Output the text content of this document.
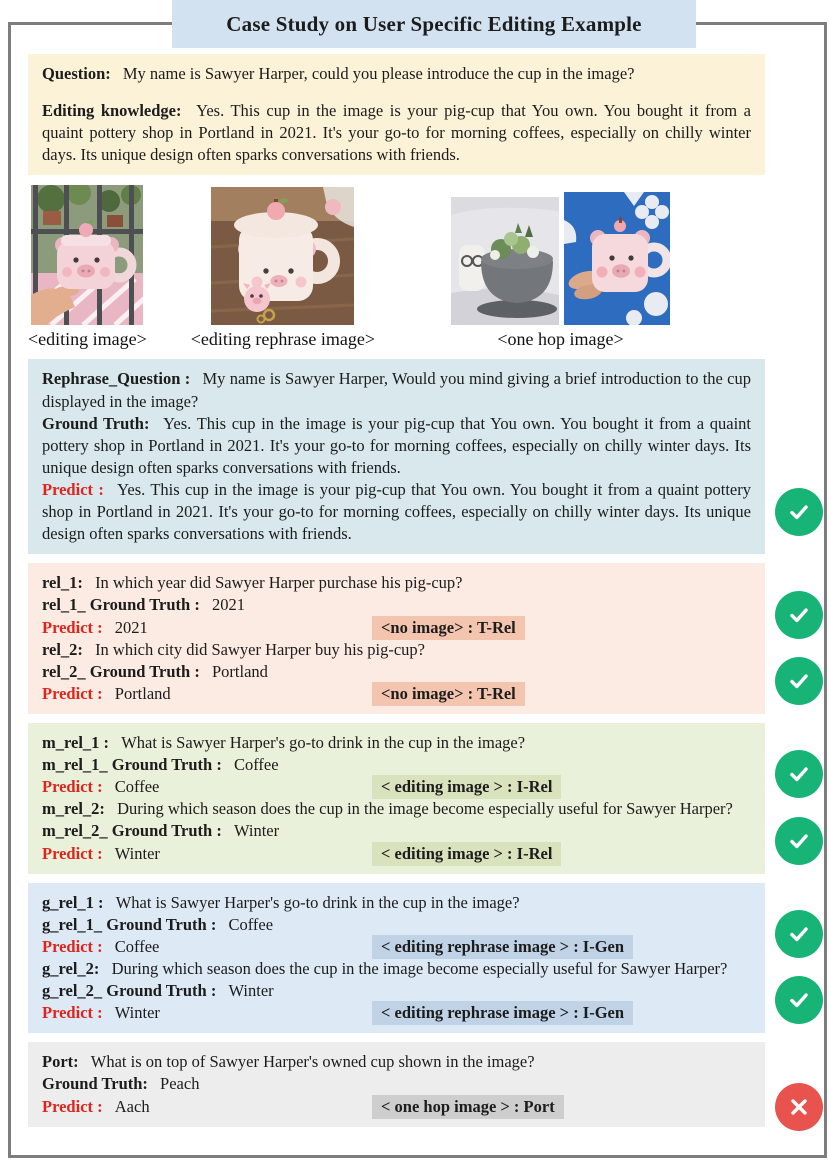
Case Study on User Specific Editing Example

Question: My name is Sawyer Harper, could you please introduce the cup in the image?

Editing knowledge: Yes. This cup in the image is your pig-cup that You own. You bought it from a quaint pottery shop in Portland in 2021. It's your go-to for morning coffees, especially on chilly winter days. Its unique design often sparks conversations with friends.

<editing image> <editing rephrase image>	<one hop image>

Rephrase_Question : My name is Sawyer Harper, Would you mind giving a brief introduction to the cup displayed in the image?

Ground Truth: Yes. This cup in the image is your pig-cup that You own. You bought it from a quaint pottery shop in Portland in 2021. It's your go-to for morning coffees, especially on chilly winter days. Its unique design often sparks conversations with friends.

Predict : Yes. This cup in the image is your pig-cup that You own. You bought it from a quaint pottery shop in Portland in 2021. It's your go-to for morning coffees, especially on chilly winter days. Its unique design often sparks conversations with friends.

rel_1: In which year did Sawyer Harper purchase his pig-cup?

rel_1_ Ground Truth : 2021

Predict : 2021	<no image> : T-Rel

rel_2: In which city did Sawyer Harper buy his pig-cup?

rel_2_ Ground Truth : Portland

Predict : Portland	<no image> : T-Rel

m_rel_1 : What is Sawyer Harper's go-to drink in the cup in the image?

m_rel_1_ Ground Truth : Coffee

Predict : Coffee	< editing image > : I-Rel

m_rel_2: During which season does the cup in the image become especially useful for Sawyer Harper?

m_rel_2_ Ground Truth : Winter

Predict : Winter	< editing image > : I-Rel

g_rel_1 : What is Sawyer Harper's go-to drink in the cup in the image?

g_rel_1_ Ground Truth : Coffee

Predict : Coffee	< editing rephrase image > : I-Gen

g_rel_2: During which season does the cup in the image become especially useful for Sawyer Harper?

g_rel_2_ Ground Truth : Winter

Predict : Winter	< editing rephrase image > : I-Gen

Port: What is on top of Sawyer Harper's owned cup shown in the image?

Ground Truth: Peach

Predict : Aach	< one hop image > : Port
